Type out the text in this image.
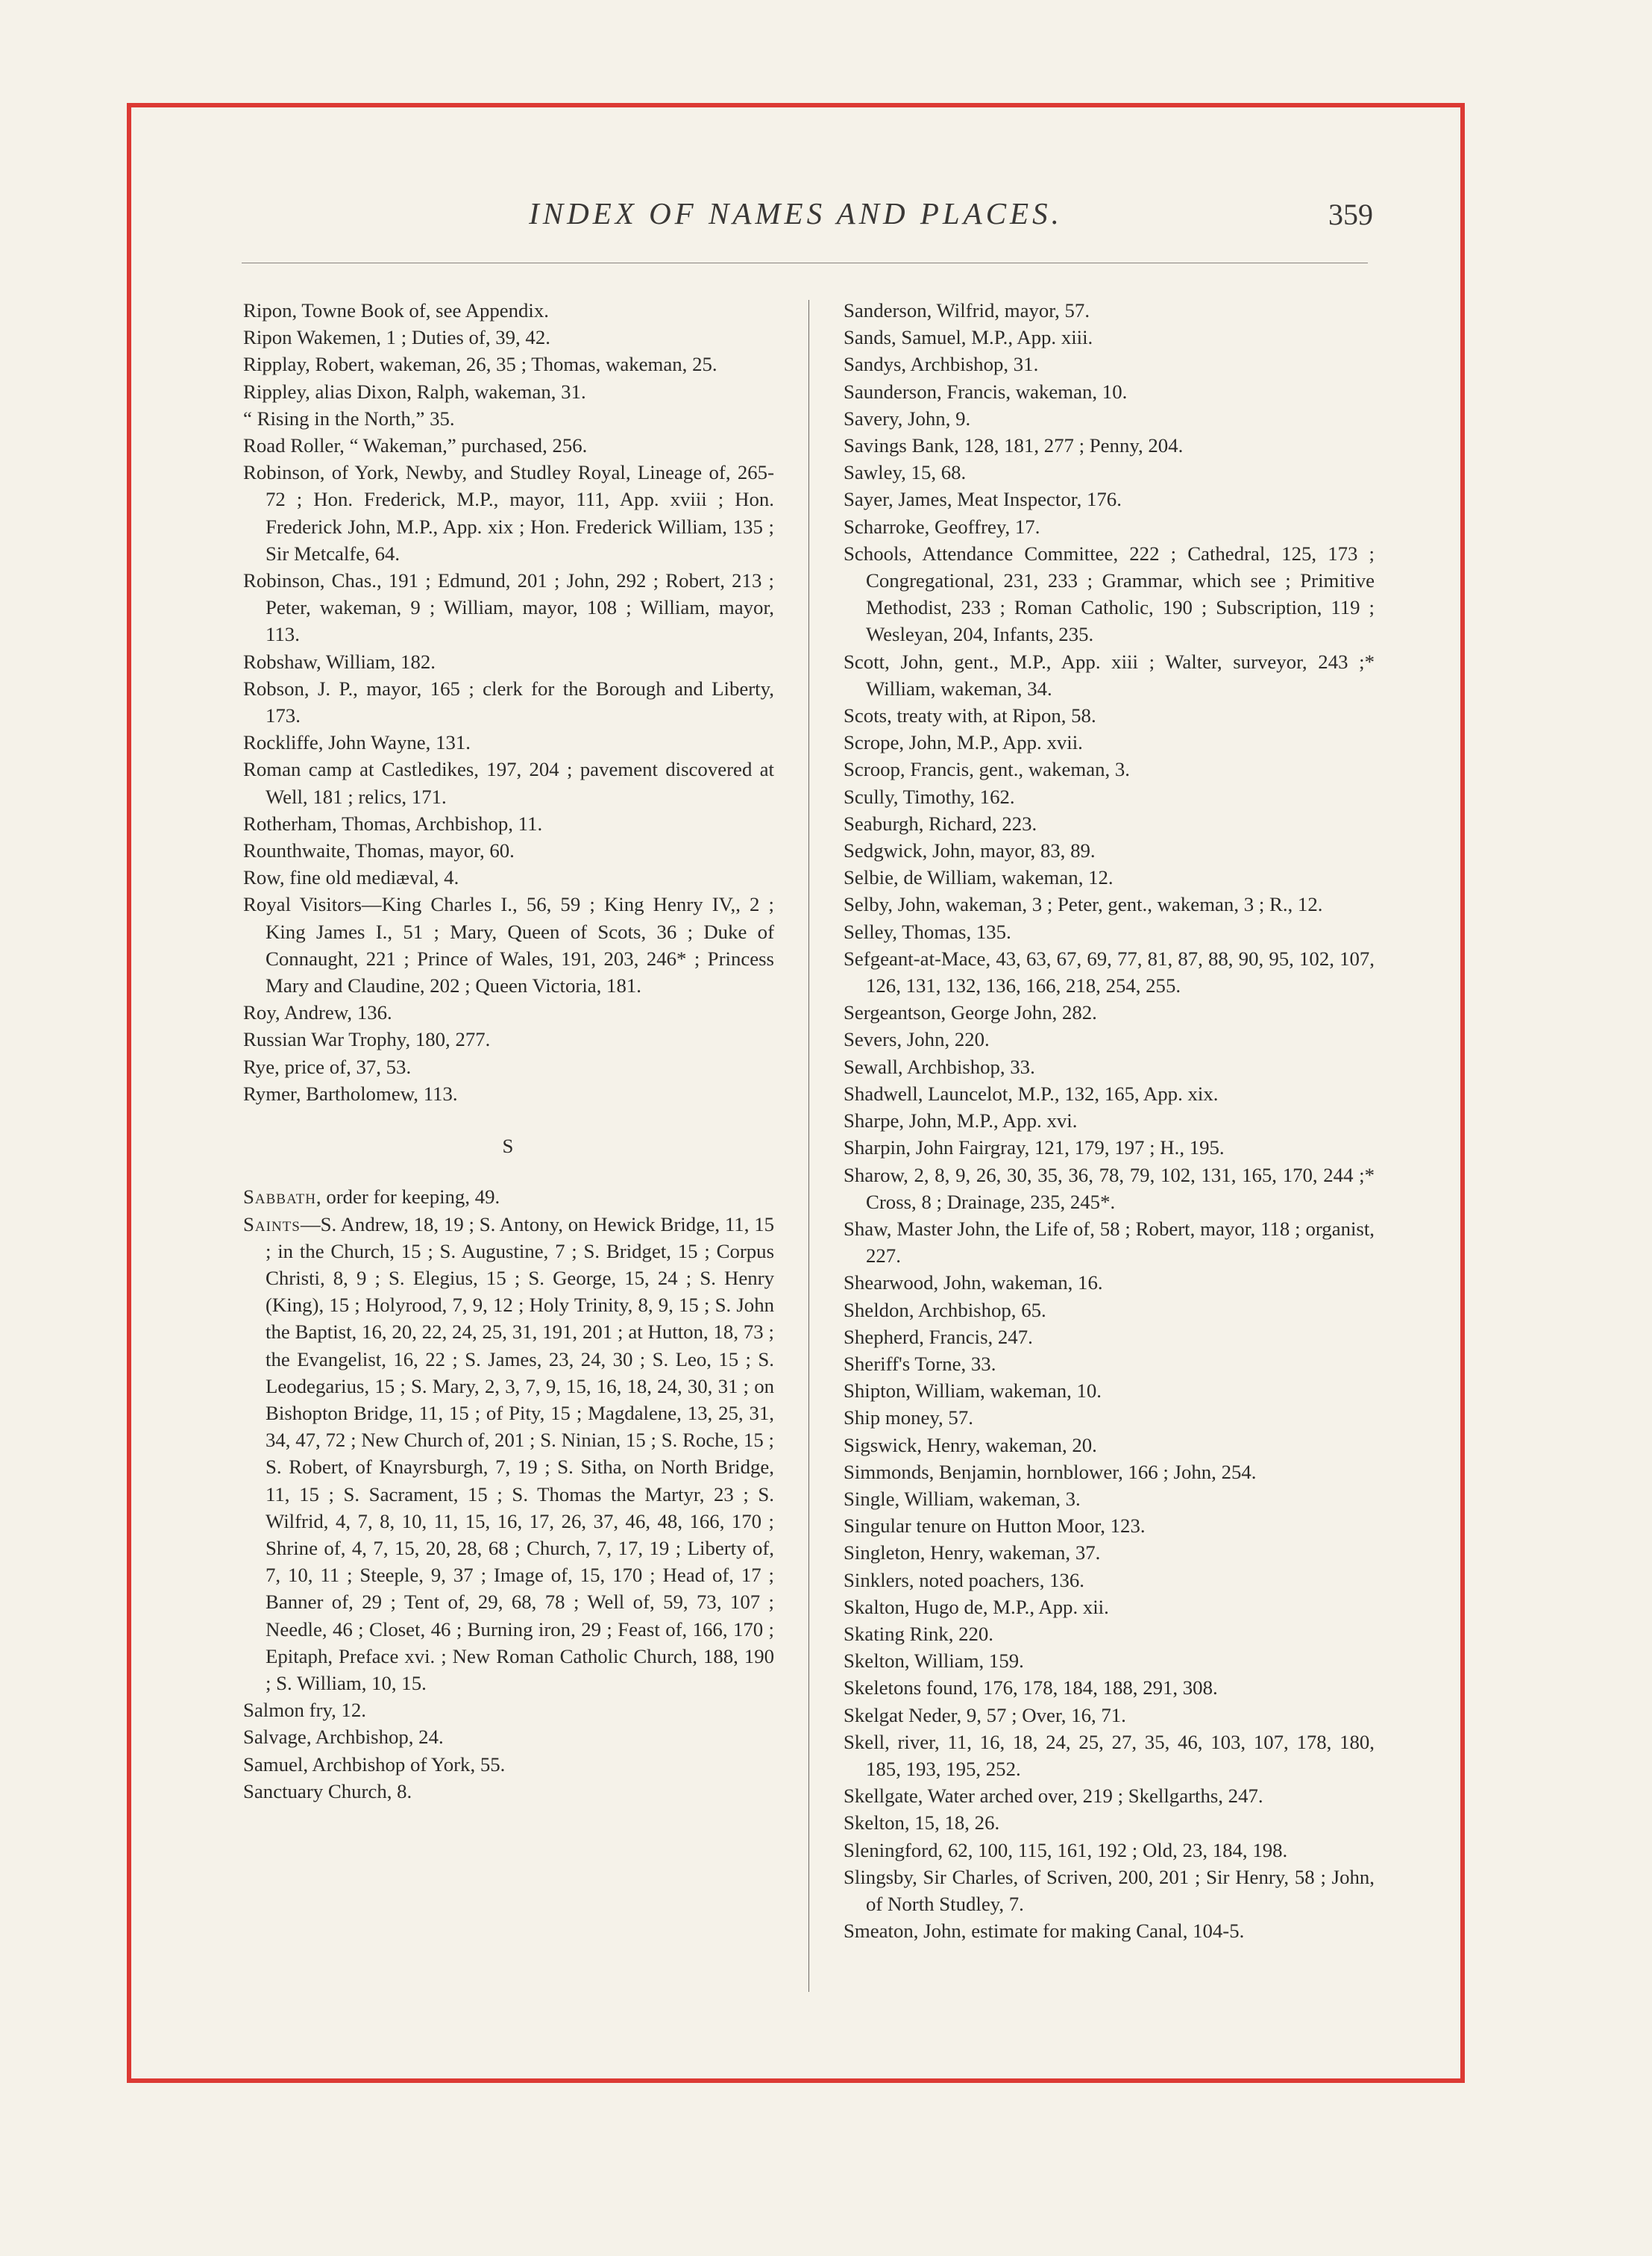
INDEX OF NAMES AND PLACES.	359

Ripon, Towne Book of, see Appendix.

Ripon Wakemen, 1 ; Duties of, 39, 42.

Ripplay, Robert, wakeman, 26, 35 ; Thomas, wakeman, 25.

Rippley, alias Dixon, Ralph, wakeman, 31.

“ Rising in the North,” 35.

Road Roller, “ Wakeman,” purchased, 256.

Robinson, of York, Newby, and Studley Royal, Lineage of, 265-72 ; Hon. Frederick, M.P., mayor, 111, App. xviii ; Hon. Frederick John, M.P., App. xix ; Hon. Frederick William, 135 ; Sir Metcalfe, 64.

Robinson, Chas., 191 ; Edmund, 201 ; John, 292 ; Robert, 213 ; Peter, wakeman, 9 ; William, mayor, 108 ; William, mayor, 113.

Robshaw, William, 182.

Robson, J. P., mayor, 165 ; clerk for the Borough and Liberty, 173.

Rockliffe, John Wayne, 131.

Roman camp at Castledikes, 197, 204 ; pavement discovered at Well, 181 ; relics, 171.

Rotherham, Thomas, Archbishop, 11.

Rounthwaite, Thomas, mayor, 60.

Row, fine old mediæval, 4.

Royal Visitors—King Charles I., 56, 59 ; King Henry IV,, 2 ; King James I., 51 ; Mary, Queen of Scots, 36 ; Duke of Connaught, 221 ; Prince of Wales, 191, 203, 246* ; Princess Mary and Claudine, 202 ; Queen Victoria, 181.

Roy, Andrew, 136.

Russian War Trophy, 180, 277.

Rye, price of, 37, 53.

Rymer, Bartholomew, 113.

S

Sabbath, order for keeping, 49.

Saints—S. Andrew, 18, 19 ; S. Antony, on Hewick Bridge, 11, 15 ; in the Church, 15 ; S. Augustine, 7 ; S. Bridget, 15 ; Corpus Christi, 8, 9 ; S. Elegius, 15 ; S. George, 15, 24 ; S. Henry (King), 15 ; Holyrood, 7, 9, 12 ; Holy Trinity, 8, 9, 15 ; S. John the Baptist, 16, 20, 22, 24, 25, 31, 191, 201 ; at Hutton, 18, 73 ; the Evangelist, 16, 22 ; S. James, 23, 24, 30 ; S. Leo, 15 ; S. Leodegarius, 15 ; S. Mary, 2, 3, 7, 9, 15, 16, 18, 24, 30, 31 ; on Bishopton Bridge, 11, 15 ; of Pity, 15 ; Magdalene, 13, 25, 31, 34, 47, 72 ; New Church of, 201 ; S. Ninian, 15 ; S. Roche, 15 ; S. Robert, of Knayrsburgh, 7, 19 ; S. Sitha, on North Bridge, 11, 15 ; S. Sacrament, 15 ; S. Thomas the Martyr, 23 ; S. Wilfrid, 4, 7, 8, 10, 11, 15, 16, 17, 26, 37, 46, 48, 166, 170 ; Shrine of, 4, 7, 15, 20, 28, 68 ; Church, 7, 17, 19 ; Liberty of, 7, 10, 11 ; Steeple, 9, 37 ; Image of, 15, 170 ; Head of, 17 ; Banner of, 29 ; Tent of, 29, 68, 78 ; Well of, 59, 73, 107 ; Needle, 46 ; Closet, 46 ; Burning iron, 29 ; Feast of, 166, 170 ; Epitaph, Preface xvi. ; New Roman Catholic Church, 188, 190 ; S. William, 10, 15.

Salmon fry, 12.

Salvage, Archbishop, 24.

Samuel, Archbishop of York, 55.

Sanctuary Church, 8.

Sanderson, Wilfrid, mayor, 57.

Sands, Samuel, M.P., App. xiii.

Sandys, Archbishop, 31.

Saunderson, Francis, wakeman, 10.

Savery, John, 9.

Savings Bank, 128, 181, 277 ; Penny, 204.

Sawley, 15, 68.

Sayer, James, Meat Inspector, 176.

Scharroke, Geoffrey, 17.

Schools, Attendance Committee, 222 ; Cathedral, 125, 173 ; Congregational, 231, 233 ; Grammar, which see ; Primitive Methodist, 233 ; Roman Catholic, 190 ; Subscription, 119 ; Wesleyan, 204, Infants, 235.

Scott, John, gent., M.P., App. xiii ; Walter, surveyor, 243 ;* William, wakeman, 34.

Scots, treaty with, at Ripon, 58.

Scrope, John, M.P., App. xvii.

Scroop, Francis, gent., wakeman, 3.

Scully, Timothy, 162.

Seaburgh, Richard, 223.

Sedgwick, John, mayor, 83, 89.

Selbie, de William, wakeman, 12.

Selby, John, wakeman, 3 ; Peter, gent., wakeman, 3 ; R., 12.

Selley, Thomas, 135.

Sefgeant-at-Mace, 43, 63, 67, 69, 77, 81, 87, 88, 90, 95, 102, 107, 126, 131, 132, 136, 166, 218, 254, 255.

Sergeantson, George John, 282.

Severs, John, 220.

Sewall, Archbishop, 33.

Shadwell, Launcelot, M.P., 132, 165, App. xix.

Sharpe, John, M.P., App. xvi.

Sharpin, John Fairgray, 121, 179, 197 ; H., 195.

Sharow, 2, 8, 9, 26, 30, 35, 36, 78, 79, 102, 131, 165, 170, 244 ;* Cross, 8 ; Drainage, 235, 245*.

Shaw, Master John, the Life of, 58 ; Robert, mayor, 118 ; organist, 227.

Shearwood, John, wakeman, 16.

Sheldon, Archbishop, 65.

Shepherd, Francis, 247.

Sheriff's Torne, 33.

Shipton, William, wakeman, 10.

Ship money, 57.

Sigswick, Henry, wakeman, 20.

Simmonds, Benjamin, hornblower, 166 ; John, 254.

Single, William, wakeman, 3.

Singular tenure on Hutton Moor, 123.

Singleton, Henry, wakeman, 37.

Sinklers, noted poachers, 136.

Skalton, Hugo de, M.P., App. xii.

Skating Rink, 220.

Skelton, William, 159.

Skeletons found, 176, 178, 184, 188, 291, 308.

Skelgat Neder, 9, 57 ; Over, 16, 71.

Skell, river, 11, 16, 18, 24, 25, 27, 35, 46, 103, 107, 178, 180, 185, 193, 195, 252.

Skellgate, Water arched over, 219 ; Skellgarths, 247.

Skelton, 15, 18, 26.

Sleningford, 62, 100, 115, 161, 192 ; Old, 23, 184, 198.

Slingsby, Sir Charles, of Scriven, 200, 201 ; Sir Henry, 58 ; John, of North Studley, 7.

Smeaton, John, estimate for making Canal, 104-5.
